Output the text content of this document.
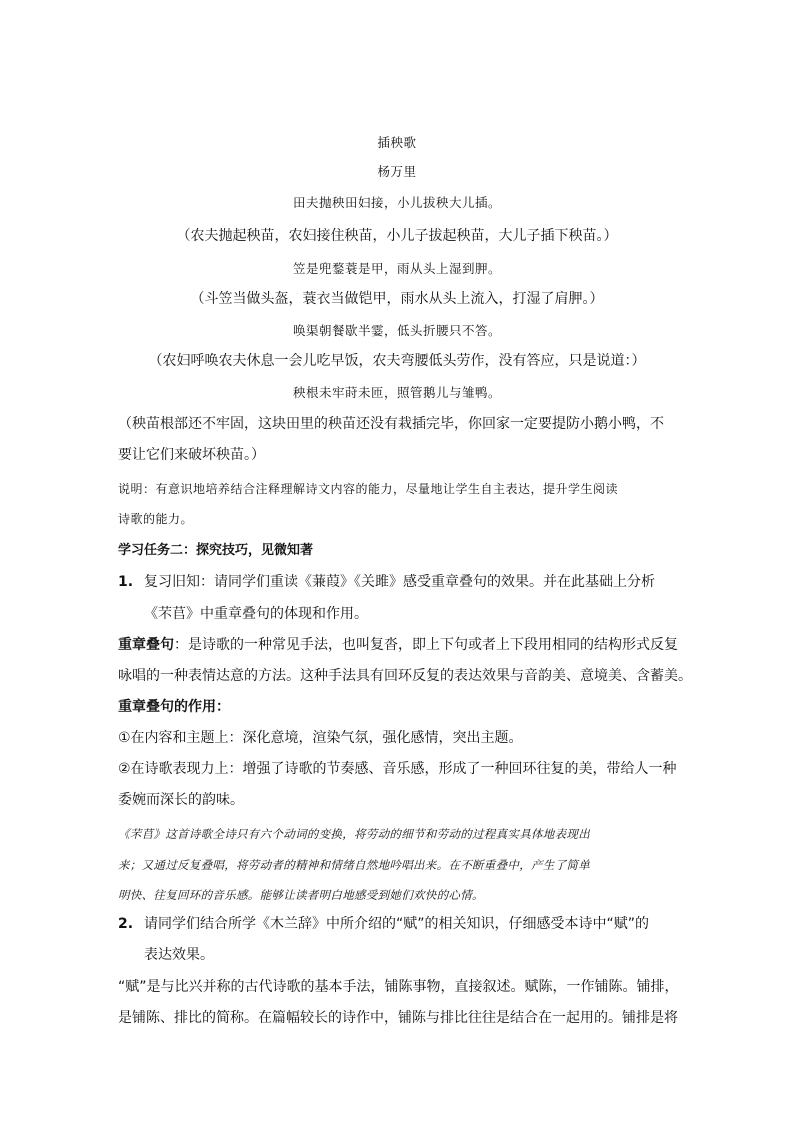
插秧歌
杨万里
田夫抛秧田妇接，小儿拔秧大儿插。
（农夫抛起秧苗，农妇接住秧苗，小儿子拔起秧苗，大儿子插下秧苗。）
笠是兜鍪蓑是甲，雨从头上湿到胛。
（斗笠当做头盔，蓑衣当做铠甲，雨水从头上流入，打湿了肩胛。）
唤渠朝餐歇半霎，低头折腰只不答。
（农妇呼唤农夫休息一会儿吃早饭，农夫弯腰低头劳作，没有答应，只是说道：）
秧根未牢莳未匝，照管鹅儿与雏鸭。
（秧苗根部还不牢固，这块田里的秧苗还没有栽插完毕，你回家一定要提防小鹅小鸭，不
要让它们来破坏秧苗。）
说明：有意识地培养结合注释理解诗文内容的能力，尽量地让学生自主表达，提升学生阅读
诗歌的能力。
学习任务二：探究技巧，见微知著
1. 复习旧知：请同学们重读《蒹葭》《关雎》感受重章叠句的效果。并在此基础上分析
《芣苢》中重章叠句的体现和作用。
重章叠句：是诗歌的一种常见手法，也叫复沓，即上下句或者上下段用相同的结构形式反复
咏唱的一种表情达意的方法。这种手法具有回环反复的表达效果与音韵美、意境美、含蓄美。
重章叠句的作用：
①在内容和主题上：深化意境，渲染气氛，强化感情，突出主题。
②在诗歌表现力上：增强了诗歌的节奏感、音乐感，形成了一种回环往复的美，带给人一种
委婉而深长的韵味。
《芣苢》这首诗歌全诗只有六个动词的变换，将劳动的细节和劳动的过程真实具体地表现出
来；又通过反复叠唱，将劳动者的精神和情绪自然地吟唱出来。在不断重叠中，产生了简单
明快、往复回环的音乐感。能够让读者明白地感受到她们欢快的心情。
2. 请同学们结合所学《木兰辞》中所介绍的“赋”的相关知识，仔细感受本诗中“赋”的
表达效果。
“赋”是与比兴并称的古代诗歌的基本手法，铺陈事物，直接叙述。赋陈，一作铺陈。铺排，
是铺陈、排比的简称。在篇幅较长的诗作中，铺陈与排比往往是结合在一起用的。铺排是将
